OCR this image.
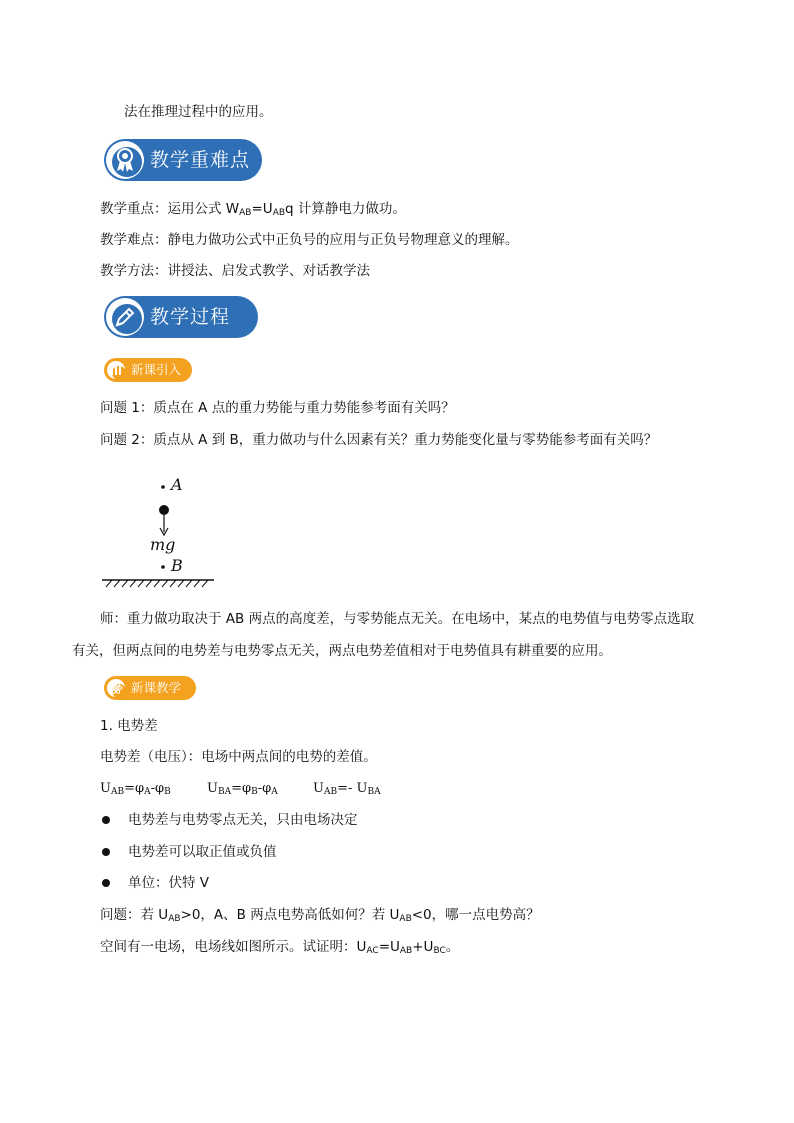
法在推理过程中的应用。
教学重难点
教学重点：运用公式 $W_{AB}=U_{AB}q$ 计算静电力做功。
教学难点：静电力做功公式中正负号的应用与正负号物理意义的理解。
教学方法：讲授法、启发式教学、对话教学法
教学过程
新课引入
问题 1：质点在 A 点的重力势能与重力势能参考面有关吗？
问题 2：质点从 A 到 B，重力做功与什么因素有关？重力势能变化量与零势能参考面有关吗？
A
mg
B
师：重力做功取决于 AB 两点的高度差，与零势能点无关。在电场中，某点的电势值与电势零点选取
有关，但两点间的电势差与电势零点无关，两点电势差值相对于电势值具有耕重要的应用。
新课教学
1. 电势差
电势差（电压）：电场中两点间的电势的差值。
$U_{AB}=\varphi_A-\varphi_B$	$U_{BA}=\varphi_B-\varphi_A$	$U_{AB}=-$ $U_{BA}$
电势差与电势零点无关，只由电场决定
电势差可以取正值或负值
单位：伏特 V
问题：若 $U_{AB}>0$，A、B 两点电势高低如何？若 $U_{AB}<0$，哪一点电势高？
空间有一电场，电场线如图所示。试证明：$U_{AC}=U_{AB}+U_{BC}$。
